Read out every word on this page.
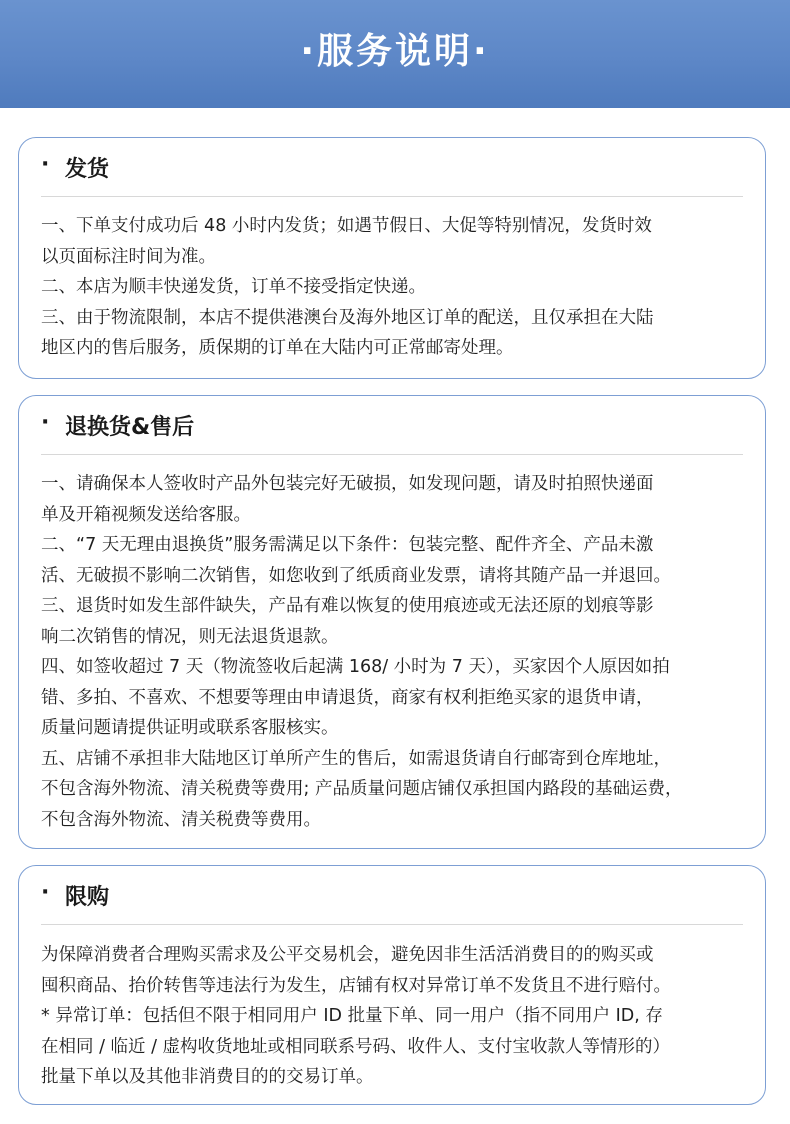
·服务说明·
· 发货

一、下单支付成功后 48 小时内发货；如遇节假日、大促等特别情况，发货时效

以页面标注时间为准。

二、本店为顺丰快递发货，订单不接受指定快递。

三、由于物流限制，本店不提供港澳台及海外地区订单的配送，且仅承担在大陆

地区内的售后服务，质保期的订单在大陆内可正常邮寄处理。

· 退换货&售后

一、请确保本人签收时产品外包装完好无破损，如发现问题，请及时拍照快递面

单及开箱视频发送给客服。

二、“7 天无理由退换货”服务需满足以下条件：包装完整、配件齐全、产品未激

活、无破损不影响二次销售，如您收到了纸质商业发票，请将其随产品一并退回。

三、退货时如发生部件缺失，产品有难以恢复的使用痕迹或无法还原的划痕等影

响二次销售的情况，则无法退货退款。

四、如签收超过 7 天（物流签收后起满 168/ 小时为 7 天），买家因个人原因如拍

错、多拍、不喜欢、不想要等理由申请退货，商家有权利拒绝买家的退货申请，

质量问题请提供证明或联系客服核实。

五、店铺不承担非大陆地区订单所产生的售后，如需退货请自行邮寄到仓库地址，

不包含海外物流、清关税费等费用; 产品质量问题店铺仅承担国内路段的基础运费，

不包含海外物流、清关税费等费用。

· 限购

为保障消费者合理购买需求及公平交易机会，避免因非生活活消费目的的购买或

囤积商品、抬价转售等违法行为发生，店铺有权对异常订单不发货且不进行赔付。

* 异常订单：包括但不限于相同用户 ID 批量下单、同一用户（指不同用户 ID, 存

在相同 / 临近 / 虚构收货地址或相同联系号码、收件人、支付宝收款人等情形的）

批量下单以及其他非消费目的的交易订单。
